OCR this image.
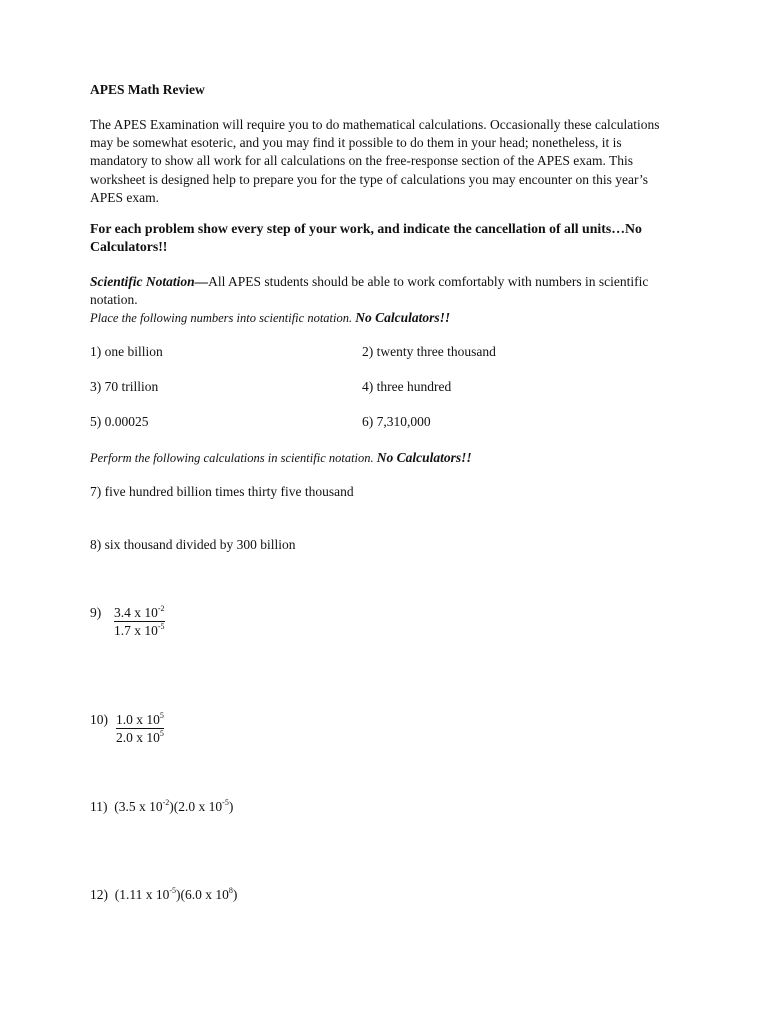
APES Math Review
The APES Examination will require you to do mathematical calculations. Occasionally these calculations may be somewhat esoteric, and you may find it possible to do them in your head; nonetheless, it is mandatory to show all work for all calculations on the free-response section of the APES exam. This worksheet is designed help to prepare you for the type of calculations you may encounter on this year’s APES exam.
For each problem show every step of your work, and indicate the cancellation of all units…No Calculators!!
Scientific Notation—All APES students should be able to work comfortably with numbers in scientific notation.
Place the following numbers into scientific notation. No Calculators!!
1) one billion	2) twenty three thousand
3) 70 trillion	4) three hundred
5) 0.00025	6) 7,310,000
Perform the following calculations in scientific notation. No Calculators!!
7) five hundred billion times thirty five thousand
8) six thousand divided by 300 billion
9) 3.4 x $10^{-2}$
1.7 x $10^{-5}$
10) 1.0 x $10^5$
2.0 x $10^5$
11) (3.5 x $10^{-2})(2.0$ x $10^{-5}$)
12) (1.11 x $10^{-5})(6.0$ x $10^8$)
